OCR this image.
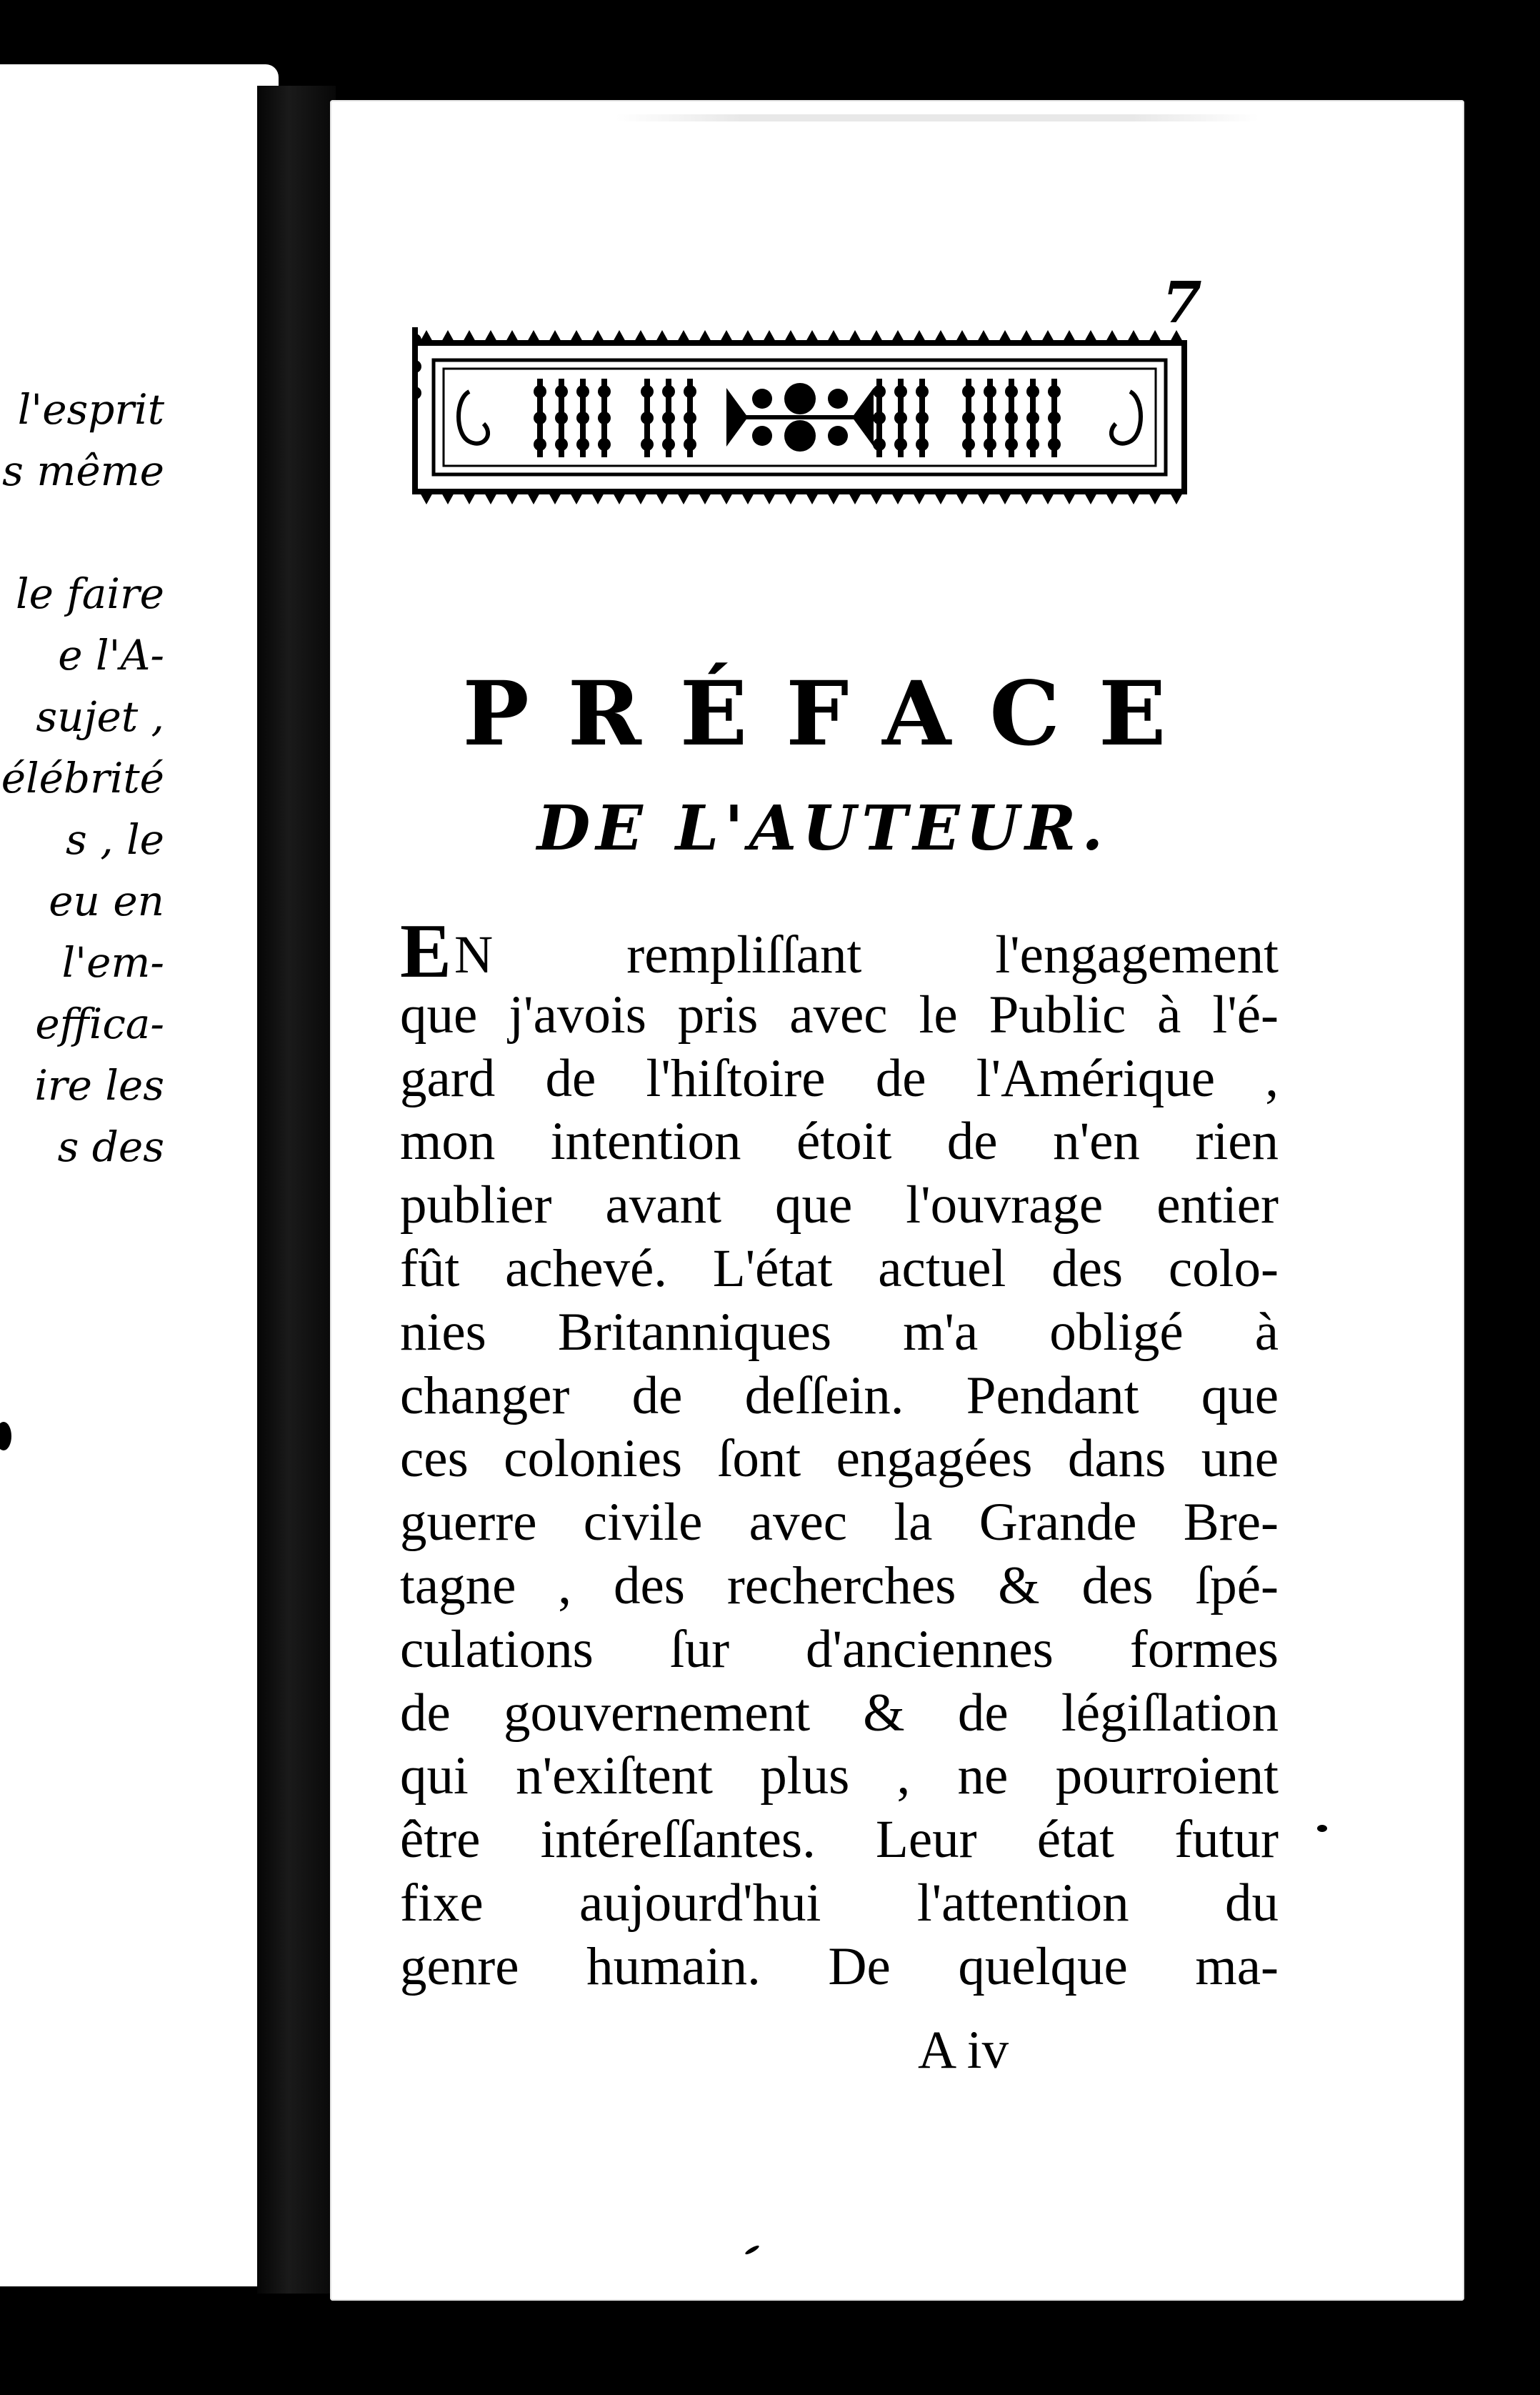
l'esprit
s même
le faire
e l'A-
sujet ,
élébrité
s , le
eu en
l'em-
effica-
ire les
s des
7
PRÉFACE
DE L'AUTEUR.
EN rempliſſant l'engagement
que j'avois pris avec le Public à l'é-
gard de l'hiſtoire de l'Amérique ,
mon intention étoit de n'en rien
publier avant que l'ouvrage entier
fût achevé. L'état actuel des colo-
nies Britanniques m'a obligé à
changer de deſſein. Pendant que
ces colonies ſont engagées dans une
guerre civile avec la Grande Bre-
tagne , des recherches & des ſpé-
culations ſur d'anciennes formes
de gouvernement & de légiſlation
qui n'exiſtent plus , ne pourroient
être intéreſſantes. Leur état futur
fixe aujourd'hui l'attention du
genre humain. De quelque ma-
A iv
